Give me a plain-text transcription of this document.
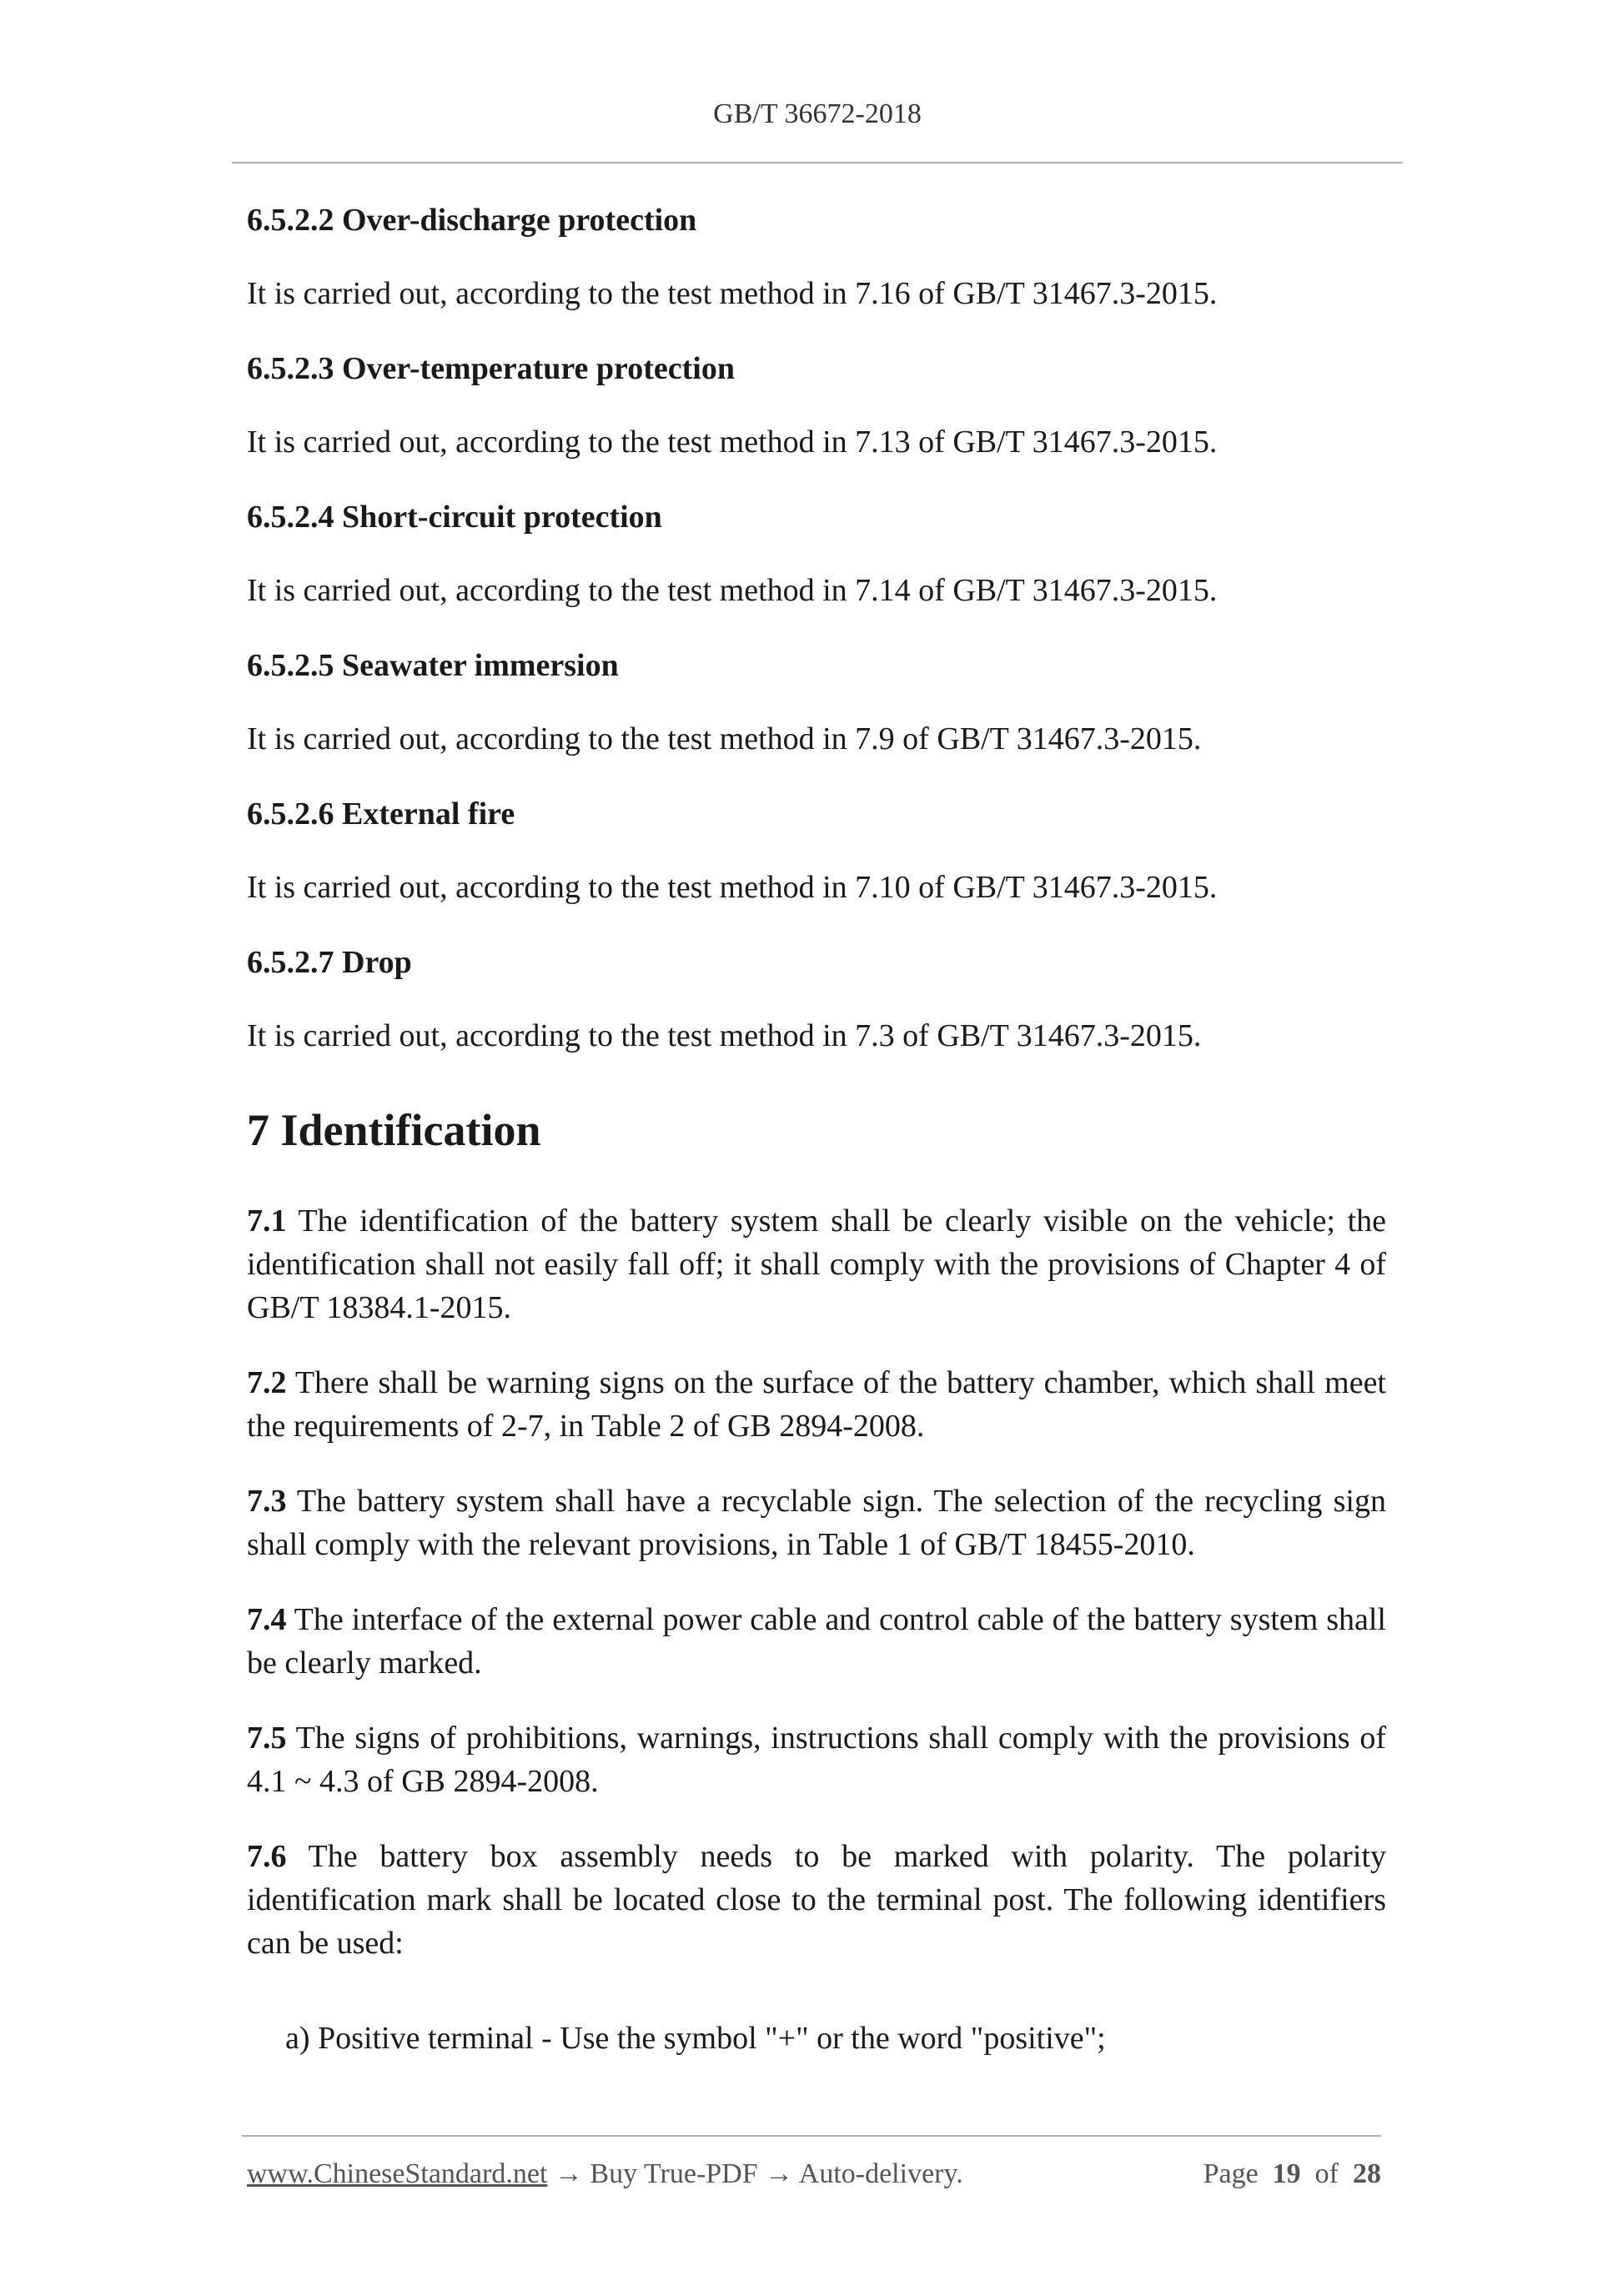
GB/T 36672-2018

6.5.2.2 Over-discharge protection

It is carried out, according to the test method in 7.16 of GB/T 31467.3-2015.

6.5.2.3 Over-temperature protection

It is carried out, according to the test method in 7.13 of GB/T 31467.3-2015.

6.5.2.4 Short-circuit protection

It is carried out, according to the test method in 7.14 of GB/T 31467.3-2015.

6.5.2.5 Seawater immersion

It is carried out, according to the test method in 7.9 of GB/T 31467.3-2015.

6.5.2.6 External fire

It is carried out, according to the test method in 7.10 of GB/T 31467.3-2015.

6.5.2.7 Drop

It is carried out, according to the test method in 7.3 of GB/T 31467.3-2015.

7 Identification

7.1 The identification of the battery system shall be clearly visible on the vehicle; the identification shall not easily fall off; it shall comply with the provisions of Chapter 4 of GB/T 18384.1-2015.

7.2 There shall be warning signs on the surface of the battery chamber, which shall meet the requirements of 2-7, in Table 2 of GB 2894-2008.

7.3 The battery system shall have a recyclable sign. The selection of the recycling sign shall comply with the relevant provisions, in Table 1 of GB/T 18455-2010.

7.4 The interface of the external power cable and control cable of the battery system shall be clearly marked.

7.5 The signs of prohibitions, warnings, instructions shall comply with the provisions of 4.1 ~ 4.3 of GB 2894-2008.

7.6 The battery box assembly needs to be marked with polarity. The polarity identification mark shall be located close to the terminal post. The following identifiers can be used:

a) Positive terminal - Use the symbol "+" or the word "positive";

www.ChineseStandard.net → Buy True-PDF → Auto-delivery.	Page 19 of 28
